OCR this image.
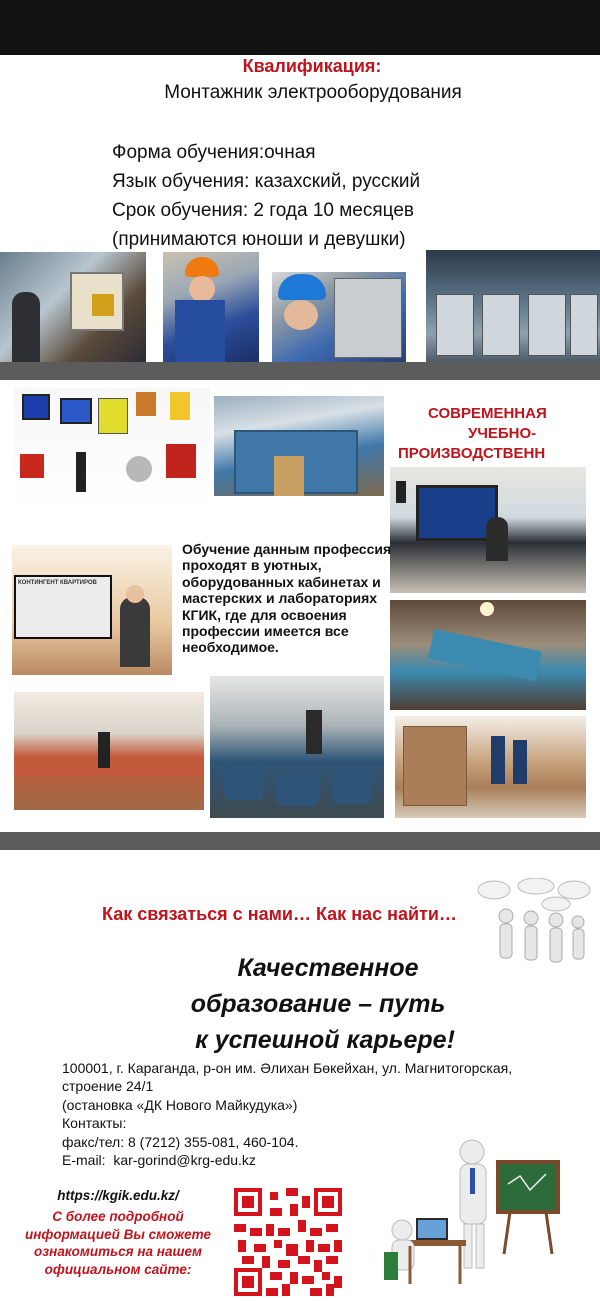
Квалификация:
Монтажник электрооборудования
Форма обучения:очная
Язык обучения: казахский, русский
Срок обучения: 2 года 10 месяцев
(принимаются юноши и девушки)
СОВРЕМЕННАЯ
УЧЕБНО-
ПРОИЗВОДСТВЕНН
КОНТИНГЕНТ КВАРТИРОВ
Обучение данным профессия проходят в уютных, оборудованных кабинетах и мастерских и лабораториях КГИК, где для освоения профессии имеется все необходимое.
Как связаться с нами… Как нас найти…
Качественное
образование – путь
к успешной карьере!
100001, г. Караганда, р-он им. Әлихан Бөкейхан, ул. Магнитогорская,
строение 24/1
(остановка «ДК Нового Майкудука»)
Контакты:
факс/тел: 8 (7212) 355-081, 460-104.
E-mail:  kar-gorind@krg-edu.kz
https://kgik.edu.kz/
С более подробной
информацией Вы сможете
ознакомиться на нашем
официальном сайте:
